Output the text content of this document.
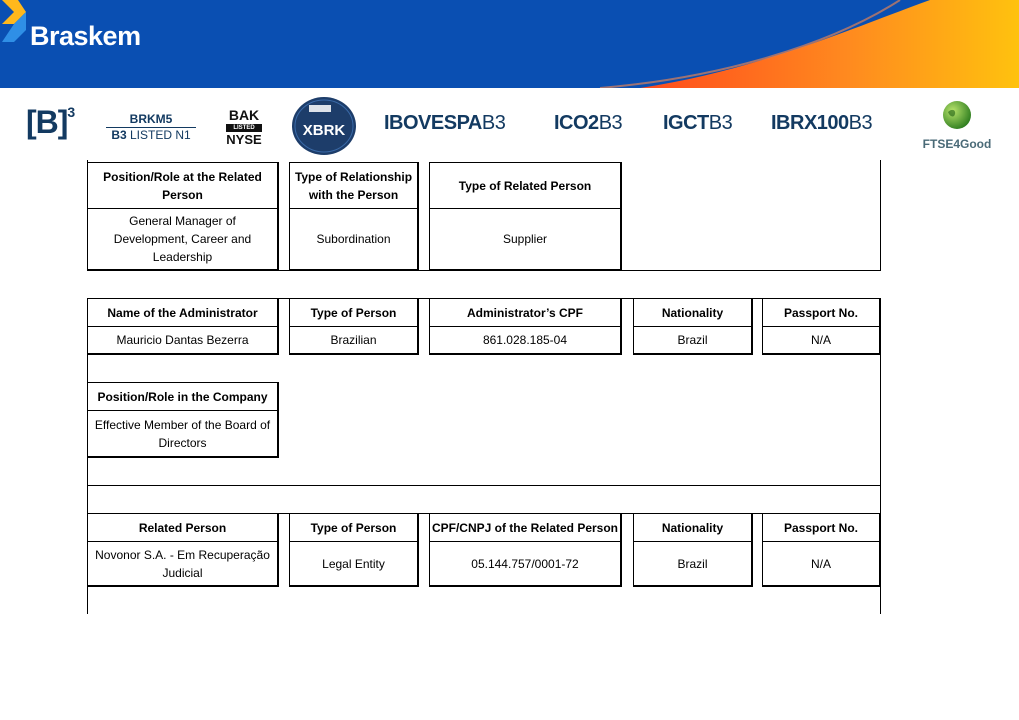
Braskem
$[B]^3$	BRKM5
B3 LISTED N1
BAK
LISTED
NYSE
XBRK IBOVESPAB3 ICO2B3 IGCTB3 IBRX100B3
FTSE4Good
Position/Role at the Related Person
General Manager of Development, Career and Leadership
Type of Relationship with the Person
Subordination
Type of Related Person
Supplier
Name of the Administrator
Mauricio Dantas Bezerra
Type of Person
Brazilian
Administrator’s CPF
861.028.185-04
Nationality
Brazil
Passport No.
N/A
Position/Role in the Company
Effective Member of the Board of Directors
Related Person
Novonor S.A. - Em Recuperação Judicial
Type of Person
Legal Entity
CPF/CNPJ of the Related Person
05.144.757/0001-72
Nationality
Brazil
Passport No.
N/A
